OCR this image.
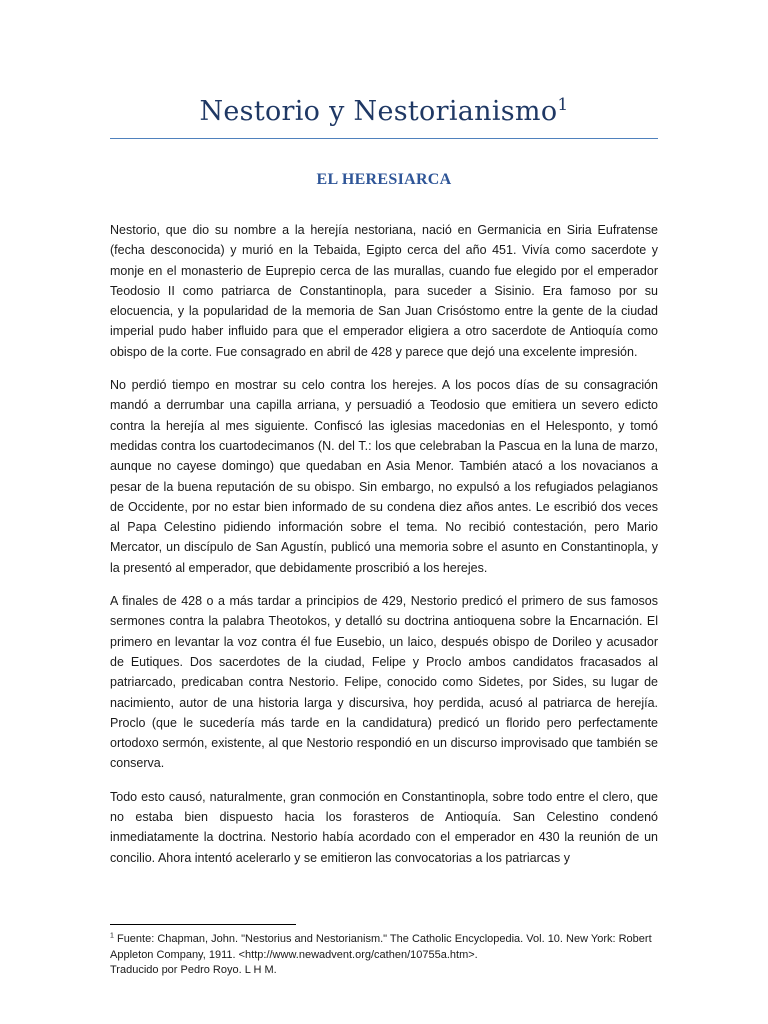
Nestorio y Nestorianismo$^1$
EL HERESIARCA

Nestorio, que dio su nombre a la herejía nestoriana, nació en Germanicia en Siria Eufratense (fecha desconocida) y murió en la Tebaida, Egipto cerca del año 451. Vivía como sacerdote y monje en el monasterio de Euprepio cerca de las murallas, cuando fue elegido por el emperador Teodosio II como patriarca de Constantinopla, para suceder a Sisinio. Era famoso por su elocuencia, y la popularidad de la memoria de San Juan Crisóstomo entre la gente de la ciudad imperial pudo haber influido para que el emperador eligiera a otro sacerdote de Antioquía como obispo de la corte. Fue consagrado en abril de 428 y parece que dejó una excelente impresión.

No perdió tiempo en mostrar su celo contra los herejes. A los pocos días de su consagración mandó a derrumbar una capilla arriana, y persuadió a Teodosio que emitiera un severo edicto contra la herejía al mes siguiente. Confiscó las iglesias macedonias en el Helesponto, y tomó medidas contra los cuartodecimanos (N. del T.: los que celebraban la Pascua en la luna de marzo, aunque no cayese domingo) que quedaban en Asia Menor. También atacó a los novacianos a pesar de la buena reputación de su obispo. Sin embargo, no expulsó a los refugiados pelagianos de Occidente, por no estar bien informado de su condena diez años antes. Le escribió dos veces al Papa Celestino pidiendo información sobre el tema. No recibió contestación, pero Mario Mercator, un discípulo de San Agustín, publicó una memoria sobre el asunto en Constantinopla, y la presentó al emperador, que debidamente proscribió a los herejes.

A finales de 428 o a más tardar a principios de 429, Nestorio predicó el primero de sus famosos sermones contra la palabra Theotokos, y detalló su doctrina antioquena sobre la Encarnación. El primero en levantar la voz contra él fue Eusebio, un laico, después obispo de Dorileo y acusador de Eutiques. Dos sacerdotes de la ciudad, Felipe y Proclo ambos candidatos fracasados al patriarcado, predicaban contra Nestorio. Felipe, conocido como Sidetes, por Sides, su lugar de nacimiento, autor de una historia larga y discursiva, hoy perdida, acusó al patriarca de herejía. Proclo (que le sucedería más tarde en la candidatura) predicó un florido pero perfectamente ortodoxo sermón, existente, al que Nestorio respondió en un discurso improvisado que también se conserva.

Todo esto causó, naturalmente, gran conmoción en Constantinopla, sobre todo entre el clero, que no estaba bien dispuesto hacia los forasteros de Antioquía. San Celestino condenó inmediatamente la doctrina. Nestorio había acordado con el emperador en 430 la reunión de un concilio. Ahora intentó acelerarlo y se emitieron las convocatorias a los patriarcas y

$^1$ Fuente: Chapman, John. "Nestorius and Nestorianism." The Catholic Encyclopedia. Vol. 10. New York: Robert Appleton Company, 1911. <http://www.newadvent.org/cathen/10755a.htm>.
Traducido por Pedro Royo. L H M.
